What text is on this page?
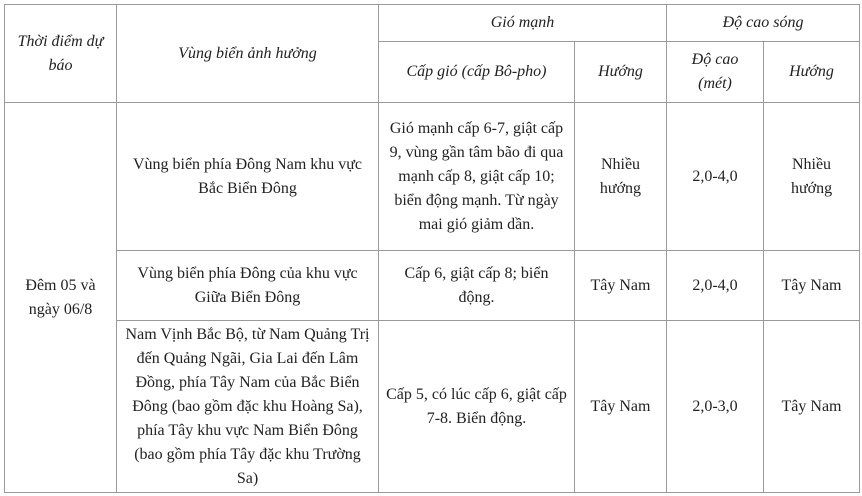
Thời điểm dự báo	Vùng biển ảnh hưởng	Gió mạnh		Độ cao sóng	
		Cấp gió (cấp Bô-pho)	Hướng	Độ cao (mét)	Hướng
Đêm 05 và ngày 06/8	Vùng biển phía Đông Nam khu vực Bắc Biển Đông	Gió mạnh cấp 6-7, giật cấp 9, vùng gần tâm bão đi qua mạnh cấp 8, giật cấp 10; biển động mạnh. Từ ngày mai gió giảm dần.	Nhiều hướng	2,0-4,0	Nhiều hướng
	Vùng biển phía Đông của khu vực Giữa Biển Đông	Cấp 6, giật cấp 8; biển động.	Tây Nam	2,0-4,0	Tây Nam
	Nam Vịnh Bắc Bộ, từ Nam Quảng Trị đến Quảng Ngãi, Gia Lai đến Lâm Đồng, phía Tây Nam của Bắc Biển Đông (bao gồm đặc khu Hoàng Sa), phía Tây khu vực Nam Biển Đông (bao gồm phía Tây đặc khu Trường Sa)	Cấp 5, có lúc cấp 6, giật cấp 7-8. Biển động.	Tây Nam	2,0-3,0	Tây Nam
